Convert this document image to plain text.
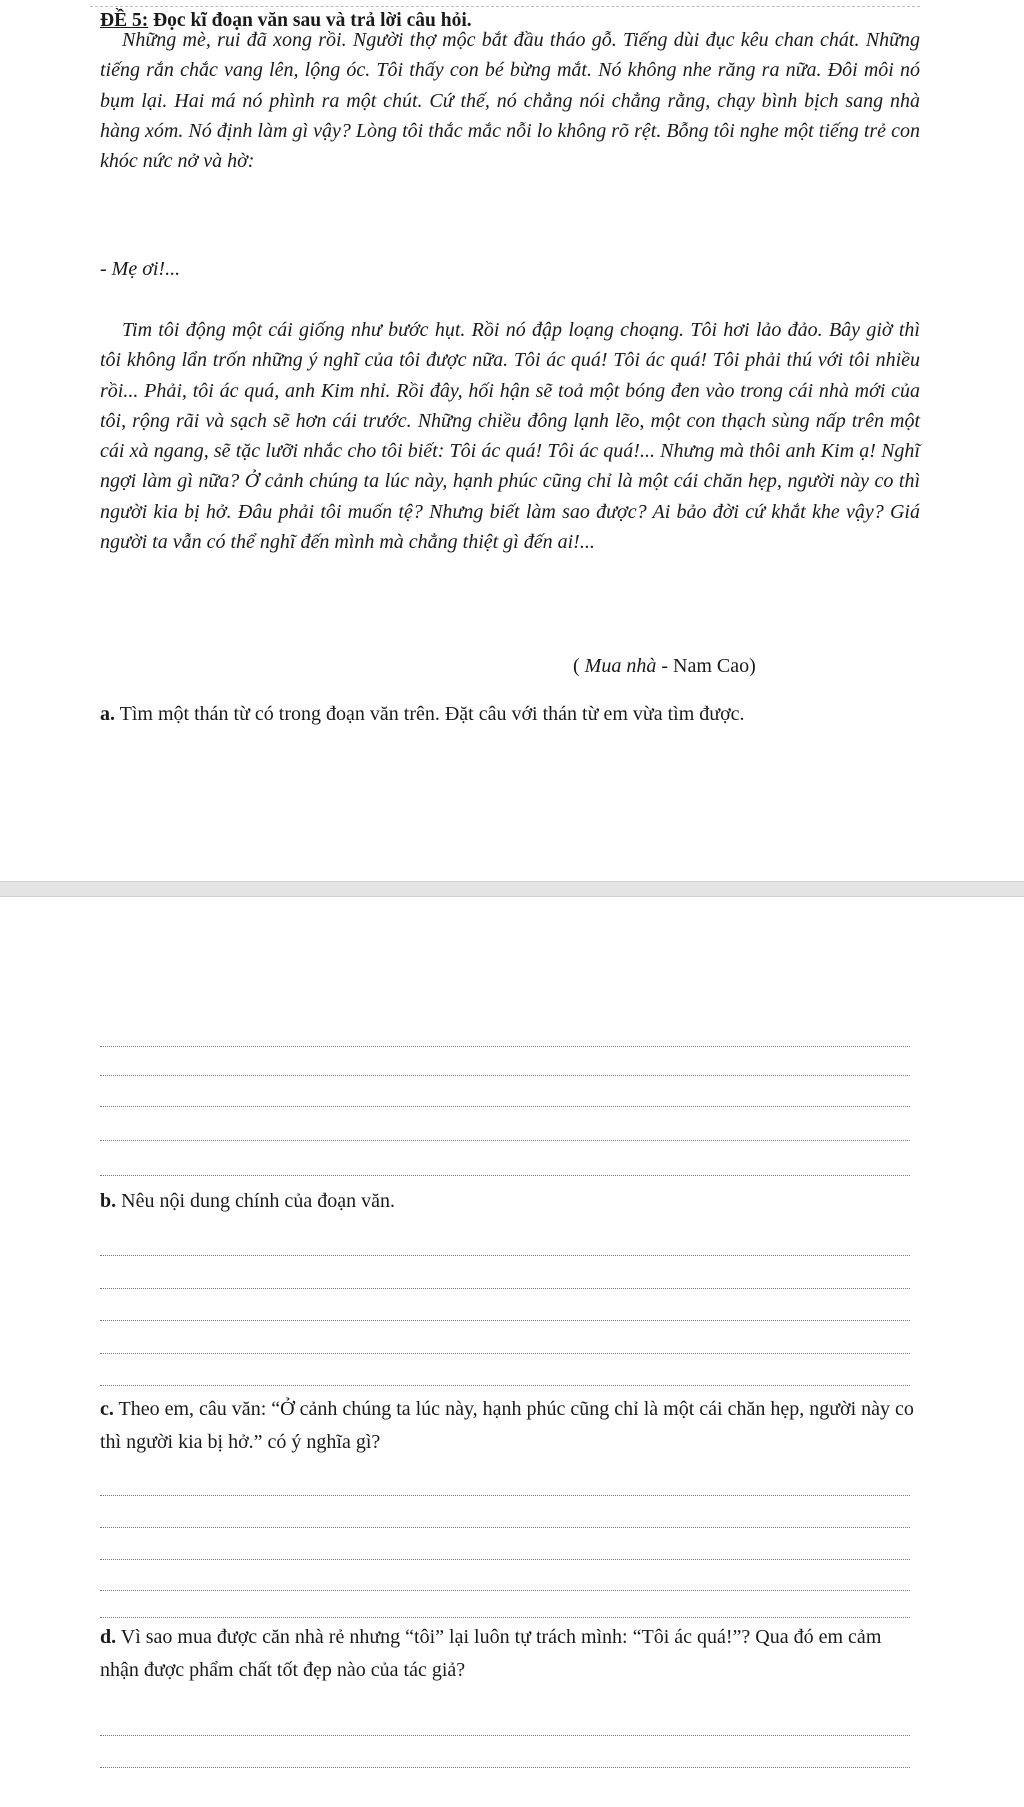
ĐỀ 5: Đọc kĩ đoạn văn sau và trả lời câu hỏi.

Những mè, rui đã xong rồi. Người thợ mộc bắt đầu tháo gỗ. Tiếng dùi đục kêu chan chát. Những tiếng rắn chắc vang lên, lộng óc. Tôi thấy con bé bừng mắt. Nó không nhe răng ra nữa. Đôi môi nó bụm lại. Hai má nó phình ra một chút. Cứ thế, nó chẳng nói chẳng rằng, chạy bình bịch sang nhà hàng xóm. Nó định làm gì vậy? Lòng tôi thắc mắc nỗi lo không rõ rệt. Bỗng tôi nghe một tiếng trẻ con khóc nức nở và hờ:

- Mẹ ơi!...

Tim tôi động một cái giống như bước hụt. Rồi nó đập loạng choạng. Tôi hơi lảo đảo. Bây giờ thì tôi không lẩn trốn những ý nghĩ của tôi được nữa. Tôi ác quá! Tôi ác quá! Tôi phải thú với tôi nhiều rồi... Phải, tôi ác quá, anh Kim nhỉ. Rồi đây, hối hận sẽ toả một bóng đen vào trong cái nhà mới của tôi, rộng rãi và sạch sẽ hơn cái trước. Những chiều đông lạnh lẽo, một con thạch sùng nấp trên một cái xà ngang, sẽ tặc lưỡi nhắc cho tôi biết: Tôi ác quá! Tôi ác quá!... Nhưng mà thôi anh Kim ạ! Nghĩ ngợi làm gì nữa? Ở cảnh chúng ta lúc này, hạnh phúc cũng chỉ là một cái chăn hẹp, người này co thì người kia bị hở. Đâu phải tôi muốn tệ? Nhưng biết làm sao được? Ai bảo đời cứ khắt khe vậy? Giá người ta vẫn có thể nghĩ đến mình mà chẳng thiệt gì đến ai!...

( Mua nhà - Nam Cao)

a. Tìm một thán từ có trong đoạn văn trên. Đặt câu với thán từ em vừa tìm được.

b. Nêu nội dung chính của đoạn văn.

c. Theo em, câu văn: “Ở cảnh chúng ta lúc này, hạnh phúc cũng chỉ là một cái chăn hẹp, người này co thì người kia bị hở.” có ý nghĩa gì?

d. Vì sao mua được căn nhà rẻ nhưng “tôi” lại luôn tự trách mình: “Tôi ác quá!”? Qua đó em cảm nhận được phẩm chất tốt đẹp nào của tác giả?
